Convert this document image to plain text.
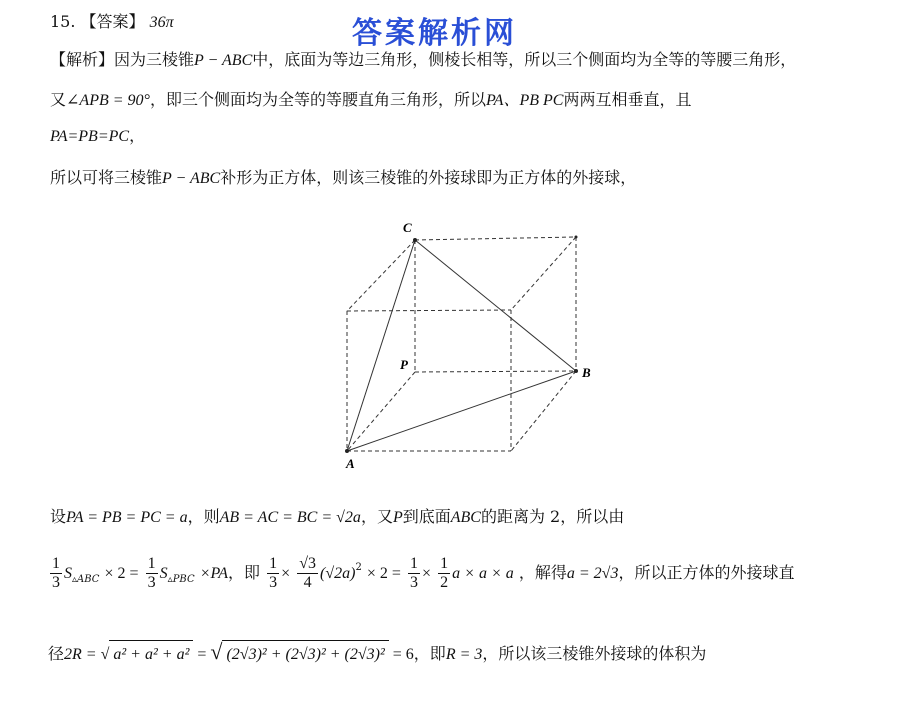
答案解析网
15. 【答案】 36π
【解析】因为三棱锥P − ABC中，底面为等边三角形，侧棱长相等，所以三个侧面均为全等的等腰三角形，
又∠APB = 90°，即三个侧面均为全等的等腰直角三角形，所以PA、PB PC两两互相垂直，且
PA=PB=PC，
所以可将三棱锥P − ABC补形为正方体，则该三棱锥的外接球即为正方体的外接球，
C
P
B
A
设PA = PB = PC = a，则AB = AC = BC = √2a，又P到底面ABC的距离为 2，所以由
$\frac{1}{3} S_{▵ABC} \times 2 = \frac{1}{3} S_{▵PBC} \times PA$，即 $\frac{1}{3} \times \frac{√3}{4} (√2a)^2 \times 2 = \frac{1}{3} \times \frac{1}{2}$ a × a × a ，解得a = 2√3，所以正方体的外接球直
径2R = √ a² + a² + a² = √ (2√3)² + (2√3)² + (2√3)² = 6，即R = 3，所以该三棱锥外接球的体积为
